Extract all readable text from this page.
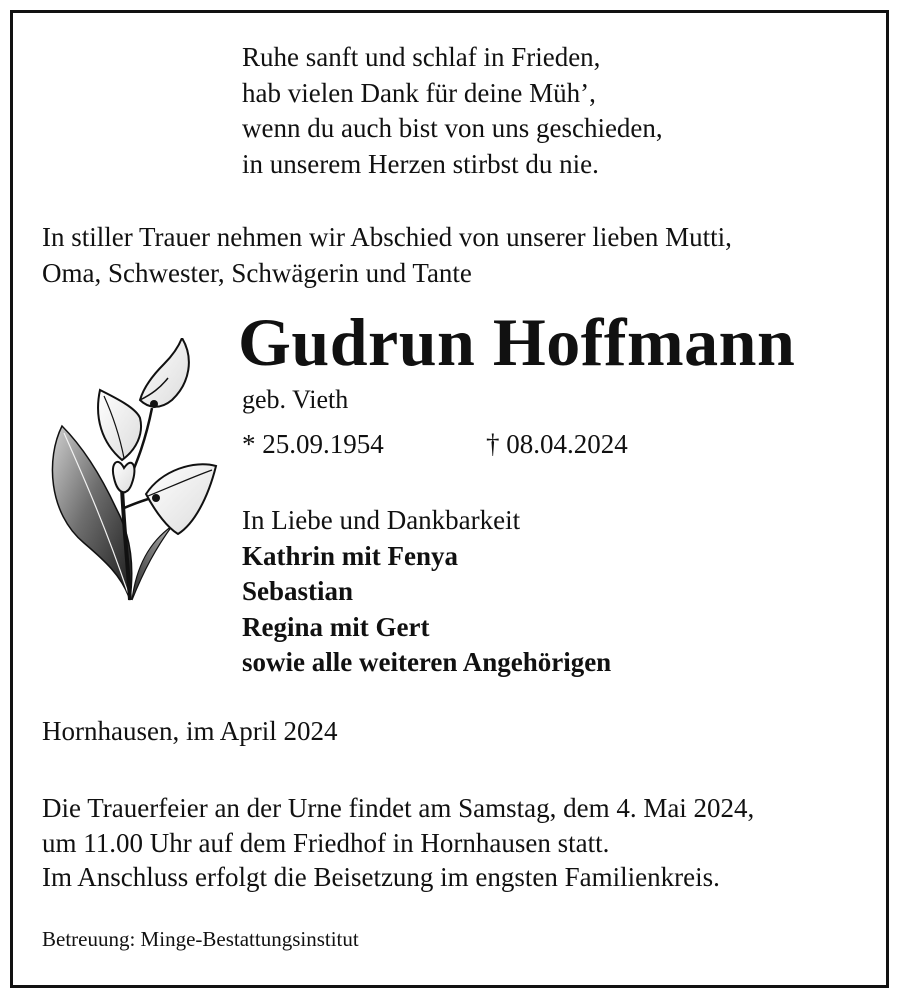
Ruhe sanft und schlaf in Frieden,
hab vielen Dank für deine Müh’,
wenn du auch bist von uns geschieden,
in unserem Herzen stirbst du nie.
In stiller Trauer nehmen wir Abschied von unserer lieben Mutti,
Oma, Schwester, Schwägerin und Tante
Gudrun Hoffmann
geb. Vieth
* 25.09.1954	† 08.04.2024
In Liebe und Dankbarkeit
Kathrin mit Fenya
Sebastian
Regina mit Gert
sowie alle weiteren Angehörigen
Hornhausen, im April 2024
Die Trauerfeier an der Urne findet am Samstag, dem 4. Mai 2024,
um 11.00 Uhr auf dem Friedhof in Hornhausen statt.
Im Anschluss erfolgt die Beisetzung im engsten Familienkreis.
Betreuung: Minge-Bestattungsinstitut
